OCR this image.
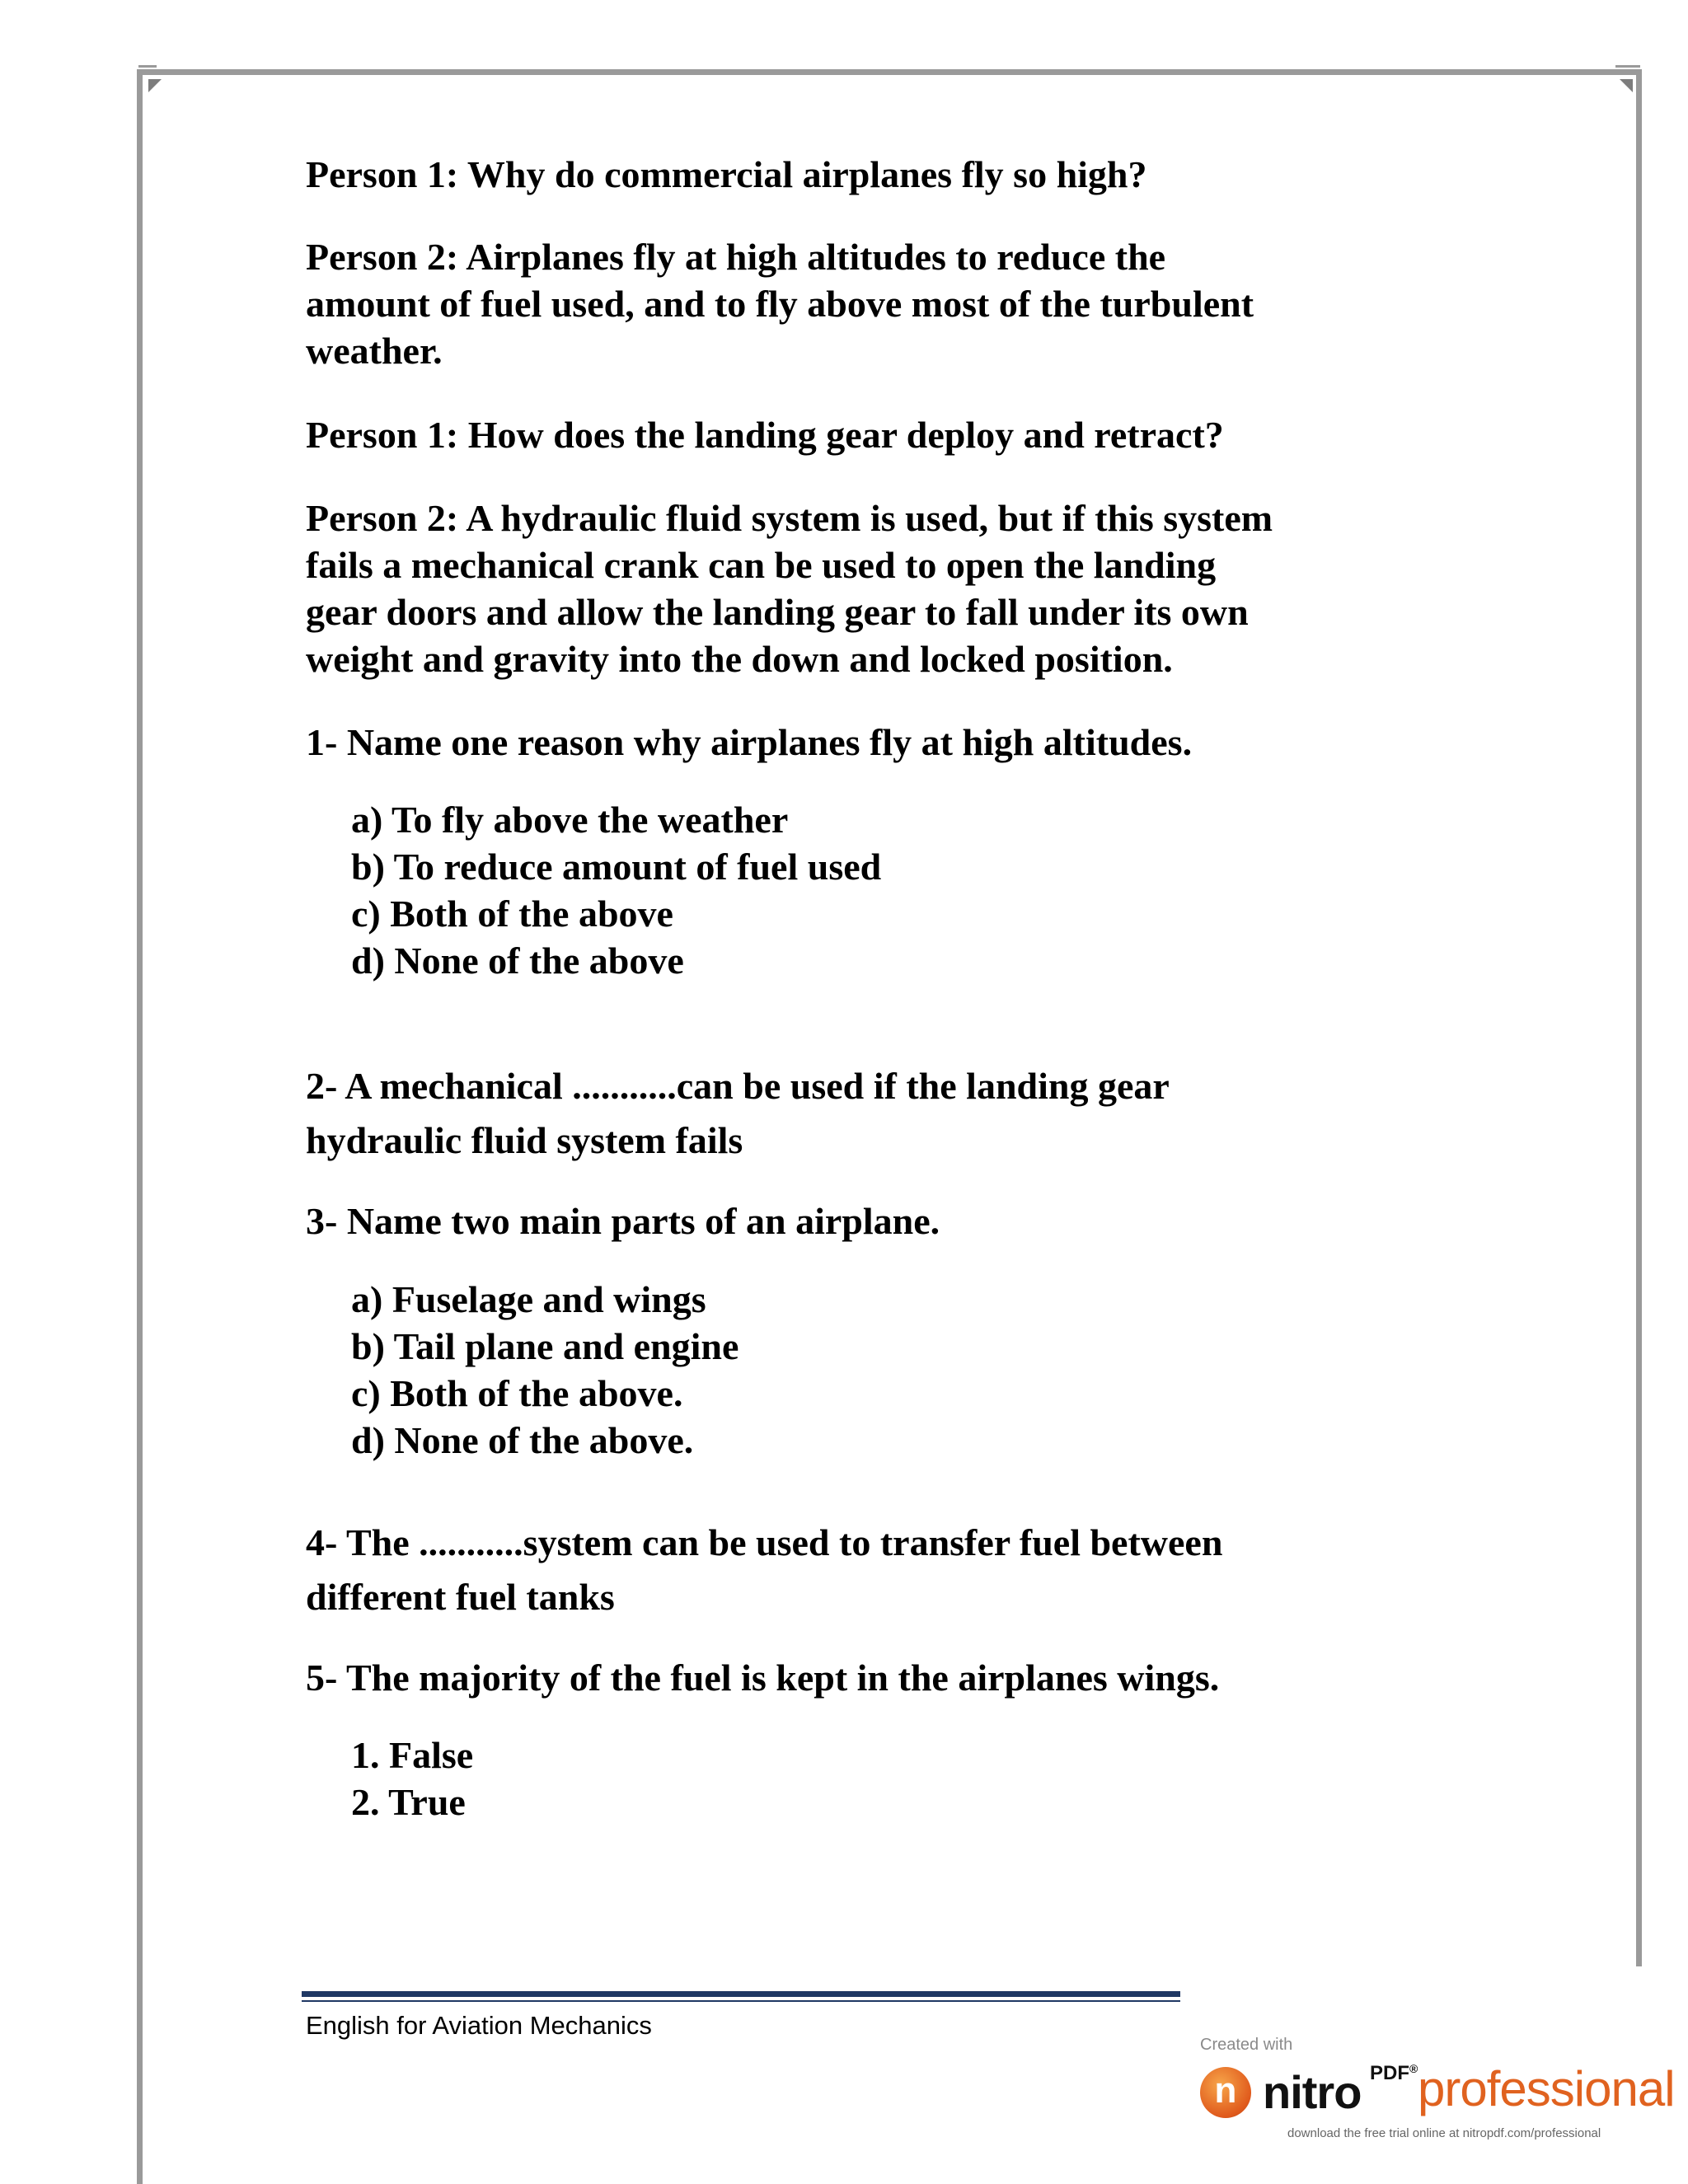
Person 1: Why do commercial airplanes fly so high?
Person 2: Airplanes fly at high altitudes to reduce the
amount of fuel used, and to fly above most of the turbulent
weather.
Person 1: How does the landing gear deploy and retract?
Person 2: A hydraulic fluid system is used, but if this system
fails a mechanical crank can be used to open the landing
gear doors and allow the landing gear to fall under its own
weight and gravity into the down and locked position.
1- Name one reason why airplanes fly at high altitudes.
a) To fly above the weather
b) To reduce amount of fuel used
c) Both of the above
d) None of the above
2- A mechanical ...........can be used if the landing gear
hydraulic fluid system fails
3- Name two main parts of an airplane.
a) Fuselage and wings
b) Tail plane and engine
c) Both of the above.
d) None of the above.
4- The ...........system can be used to transfer fuel between
different fuel tanks
5- The majority of the fuel is kept in the airplanes wings.
1. False
2. True
English for Aviation Mechanics
Created with
n nitro PDF® professional
download the free trial online at nitropdf.com/professional
